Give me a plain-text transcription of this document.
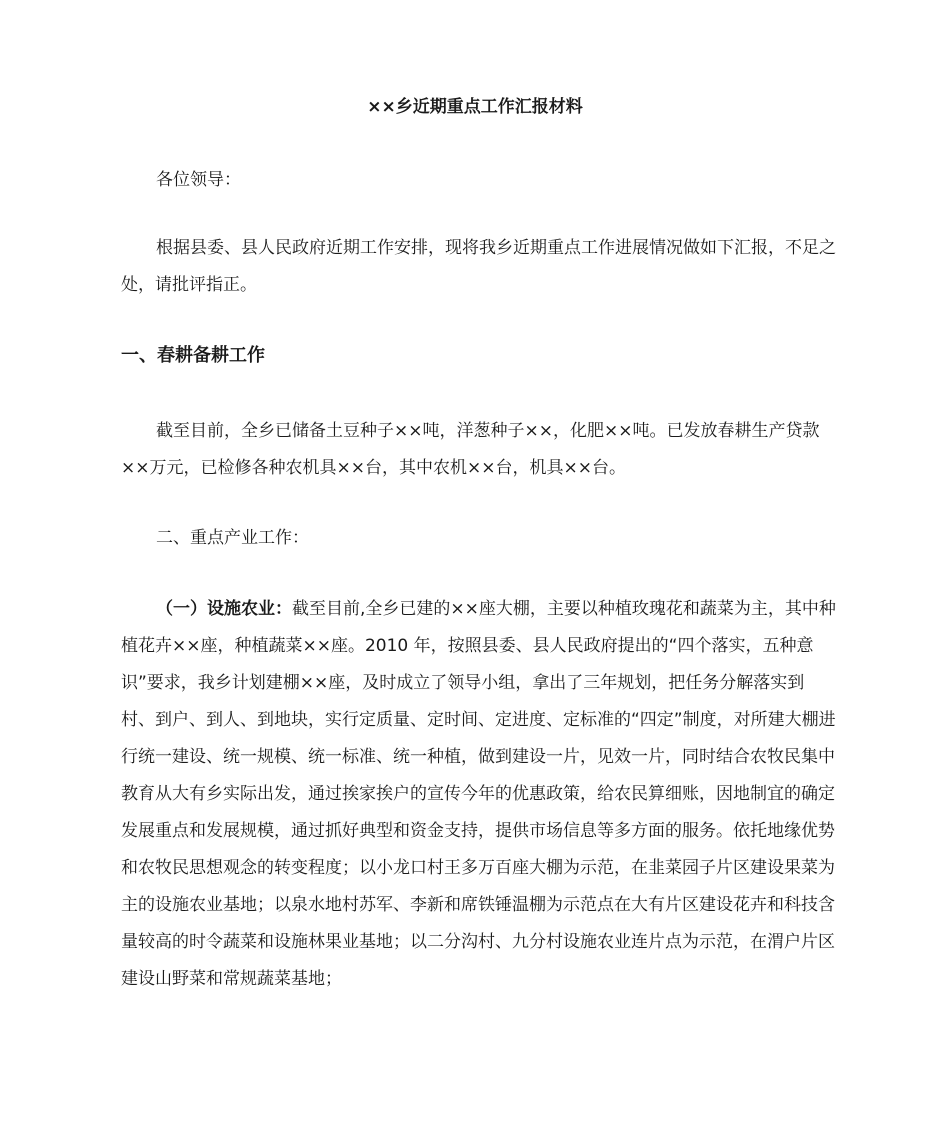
××乡近期重点工作汇报材料

各位领导：

根据县委、县人民政府近期工作安排，现将我乡近期重点工作进展情况做如下汇报，不足之处，请批评指正。

一、春耕备耕工作

截至目前，全乡已储备土豆种子××吨，洋葱种子××，化肥××吨。已发放春耕生产贷款××万元，已检修各种农机具××台，其中农机××台，机具××台。

二、重点产业工作：

（一）设施农业：截至目前,全乡已建的××座大棚，主要以种植玫瑰花和蔬菜为主，其中种植花卉××座，种植蔬菜××座。2010 年，按照县委、县人民政府提出的“四个落实，五种意识”要求，我乡计划建棚××座，及时成立了领导小组，拿出了三年规划，把任务分解落实到村、到户、到人、到地块，实行定质量、定时间、定进度、定标准的“四定”制度，对所建大棚进行统一建设、统一规模、统一标准、统一种植，做到建设一片，见效一片，同时结合农牧民集中教育从大有乡实际出发，通过挨家挨户的宣传今年的优惠政策，给农民算细账，因地制宜的确定发展重点和发展规模，通过抓好典型和资金支持，提供市场信息等多方面的服务。依托地缘优势和农牧民思想观念的转变程度；以小龙口村王多万百座大棚为示范，在韭菜园子片区建设果菜为主的设施农业基地；以泉水地村苏军、李新和席铁锤温棚为示范点在大有片区建设花卉和科技含量较高的时令蔬菜和设施林果业基地；以二分沟村、九分村设施农业连片点为示范，在渭户片区建设山野菜和常规蔬菜基地；
